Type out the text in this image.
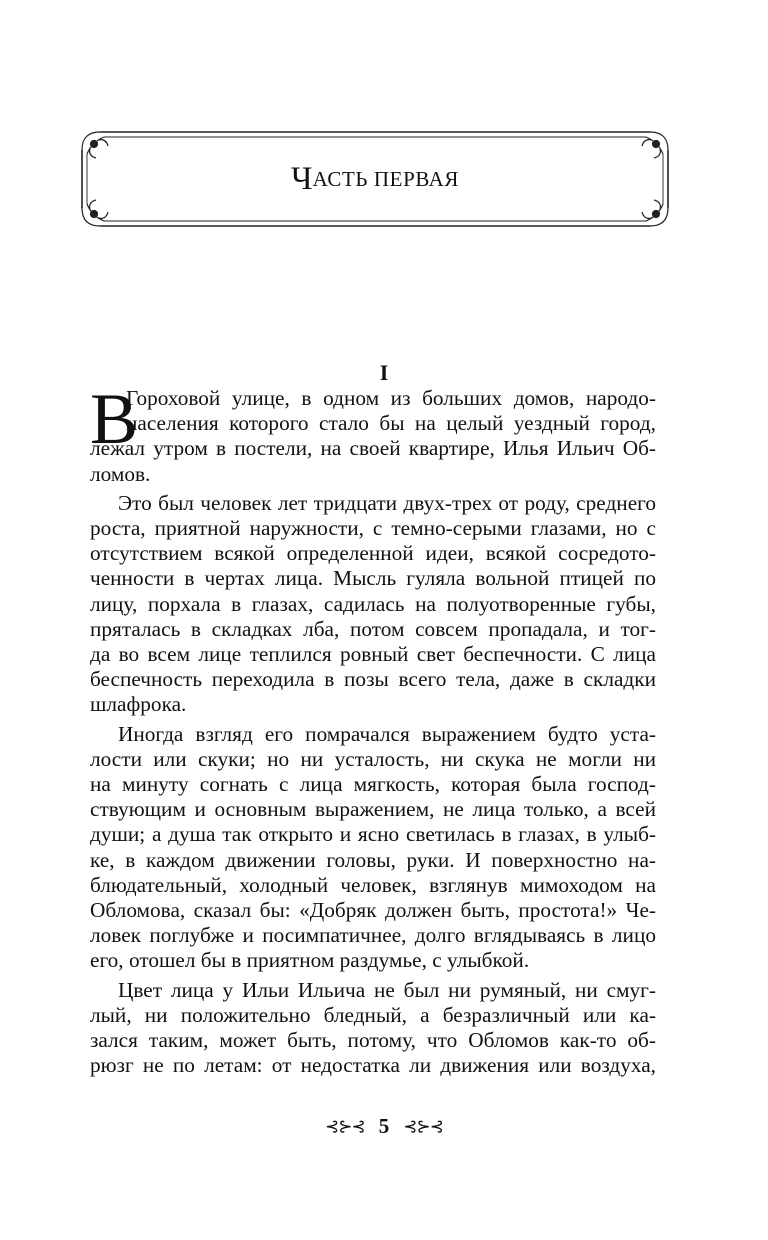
Ч АСТЬ ПЕРВАЯ
I
В
Гороховой улице, в одном из больших домов, народо-
населения которого стало бы на целый уездный город,
лежал утром в постели, на своей квартире, Илья Ильич Об-
ломов.
Это был человек лет тридцати двух-трех от роду, среднего
роста, приятной наружности, с темно-серыми глазами, но с
отсутствием всякой определенной идеи, всякой сосредото-
ченности в чертах лица. Мысль гуляла вольной птицей по
лицу, порхала в глазах, садилась на полуотворенные губы,
пряталась в складках лба, потом совсем пропадала, и тог-
да во всем лице теплился ровный свет беспечности. С лица
беспечность переходила в позы всего тела, даже в складки
шлафрока.
Иногда взгляд его помрачался выражением будто уста-
лости или скуки; но ни усталость, ни скука не могли ни
на минуту согнать с лица мягкость, которая была господ-
ствующим и основным выражением, не лица только, а всей
души; а душа так открыто и ясно светилась в глазах, в улыб-
ке, в каждом движении головы, руки. И поверхностно на-
блюдательный, холодный человек, взглянув мимоходом на
Обломова, сказал бы: «Добряк должен быть, простота!» Че-
ловек поглубже и посимпатичнее, долго вглядываясь в лицо
его, отошел бы в приятном раздумье, с улыбкой.
Цвет лица у Ильи Ильича не был ни румяный, ни смуг-
лый, ни положительно бледный, а безразличный или ка-
зался таким, может быть, потому, что Обломов как-то об-
рюзг не по летам: от недостатка ли движения или воздуха,
⊰⊱⊰ 5 ⊰⊱⊰
